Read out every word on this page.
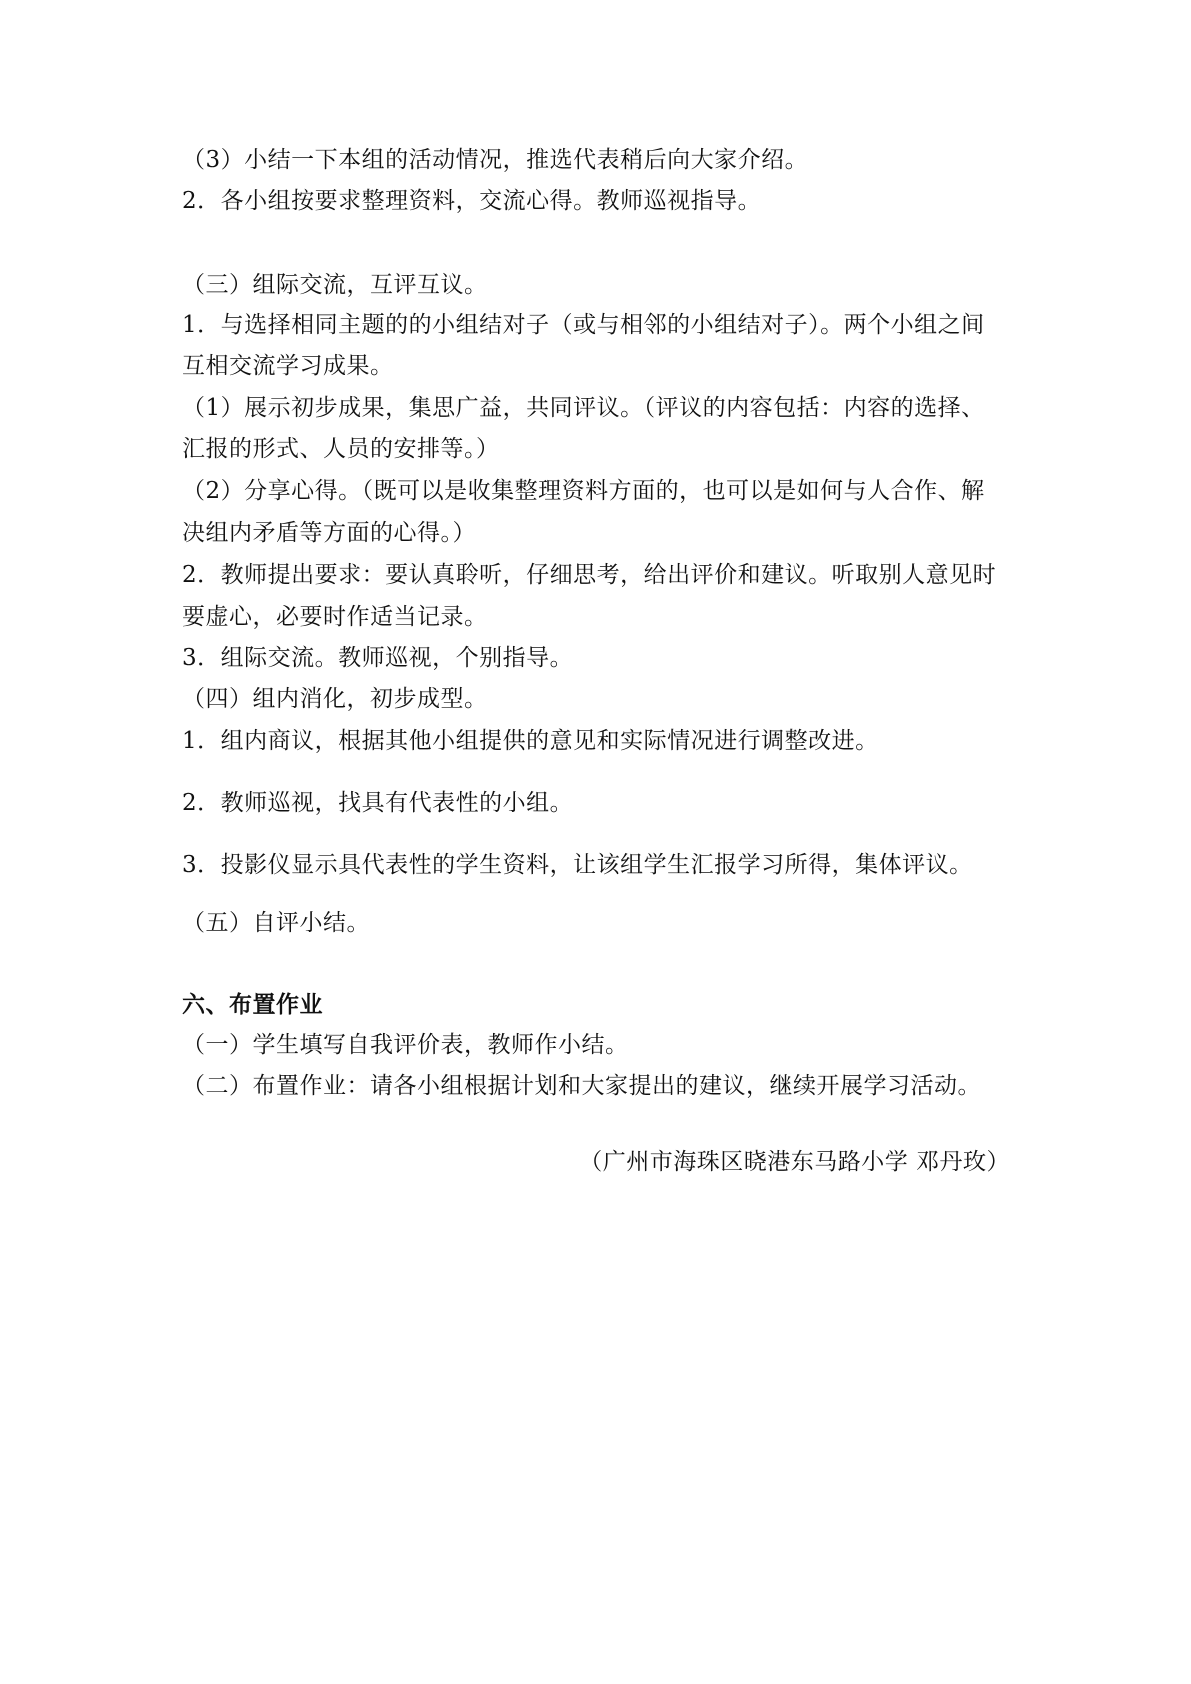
（3）小结一下本组的活动情况，推选代表稍后向大家介绍。
2．各小组按要求整理资料，交流心得。教师巡视指导。
（三）组际交流，互评互议。
1．与选择相同主题的的小组结对子（或与相邻的小组结对子）。两个小组之间
互相交流学习成果。
（1）展示初步成果，集思广益，共同评议。（评议的内容包括：内容的选择、
汇报的形式、人员的安排等。）
（2）分享心得。（既可以是收集整理资料方面的，也可以是如何与人合作、解
决组内矛盾等方面的心得。）
2．教师提出要求：要认真聆听，仔细思考，给出评价和建议。听取别人意见时
要虚心，必要时作适当记录。
3．组际交流。教师巡视，个别指导。
（四）组内消化，初步成型。
1．组内商议，根据其他小组提供的意见和实际情况进行调整改进。
2．教师巡视，找具有代表性的小组。
3．投影仪显示具代表性的学生资料，让该组学生汇报学习所得，集体评议。
（五）自评小结。
六、布置作业
（一）学生填写自我评价表，教师作小结。
（二）布置作业：请各小组根据计划和大家提出的建议，继续开展学习活动。
（广州市海珠区晓港东马路小学 邓丹玫）
